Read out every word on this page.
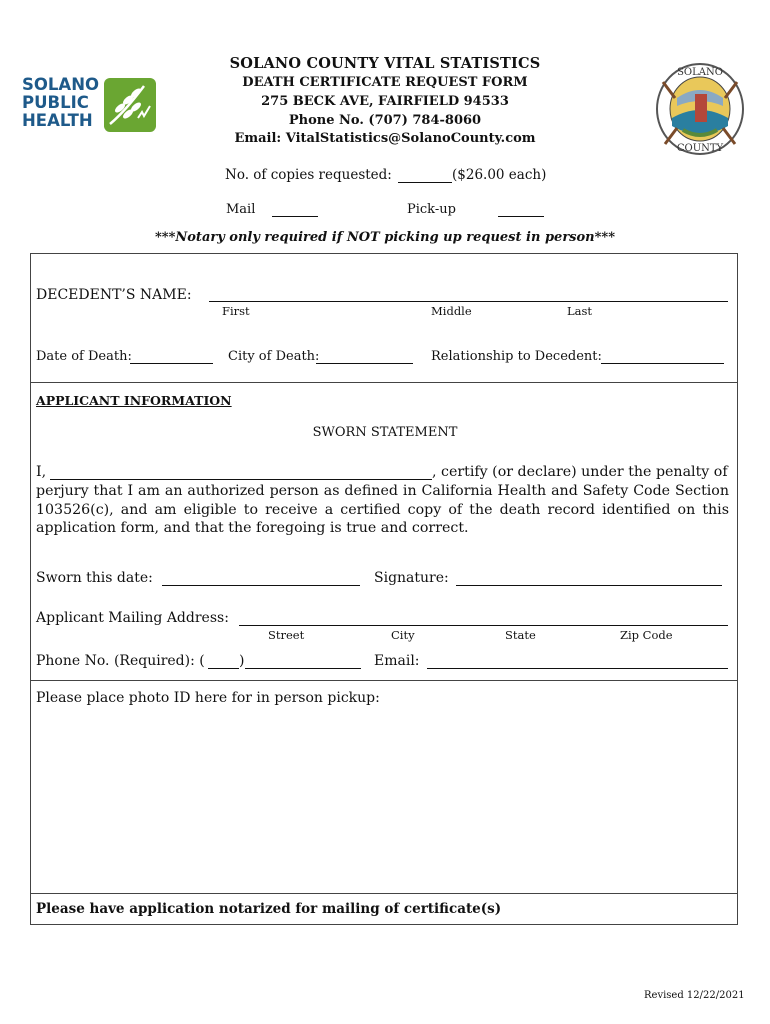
SOLANO
PUBLIC
HEALTH
SOLANO COUNTY VITAL STATISTICS
DEATH CERTIFICATE REQUEST FORM
275 BECK AVE, FAIRFIELD 94533
Phone No. (707) 784-8060
Email: VitalStatistics@SolanoCounty.com
SOLANO
COUNTY
No. of copies requested:	($26.00 each)
Mail	Pick-up
***Notary only required if NOT picking up request in person***
DECEDENT’S NAME:
First	Middle	Last
Date of Death:	City of Death:	Relationship to Decedent:
APPLICANT INFORMATION
SWORN STATEMENT
I,	, certify (or declare) under the penalty of
perjury that I am an authorized person as defined in California Health and Safety Code Section 103526(c), and am eligible to receive a certified copy of the death record identified on this application form, and that the foregoing is true and correct.
Sworn this date:	Signature:
Applicant Mailing Address:
Street	City	State	Zip Code
Phone No. (Required): ( )	Email:
Please place photo ID here for in person pickup:
Please have application notarized for mailing of certificate(s)
Revised 12/22/2021
